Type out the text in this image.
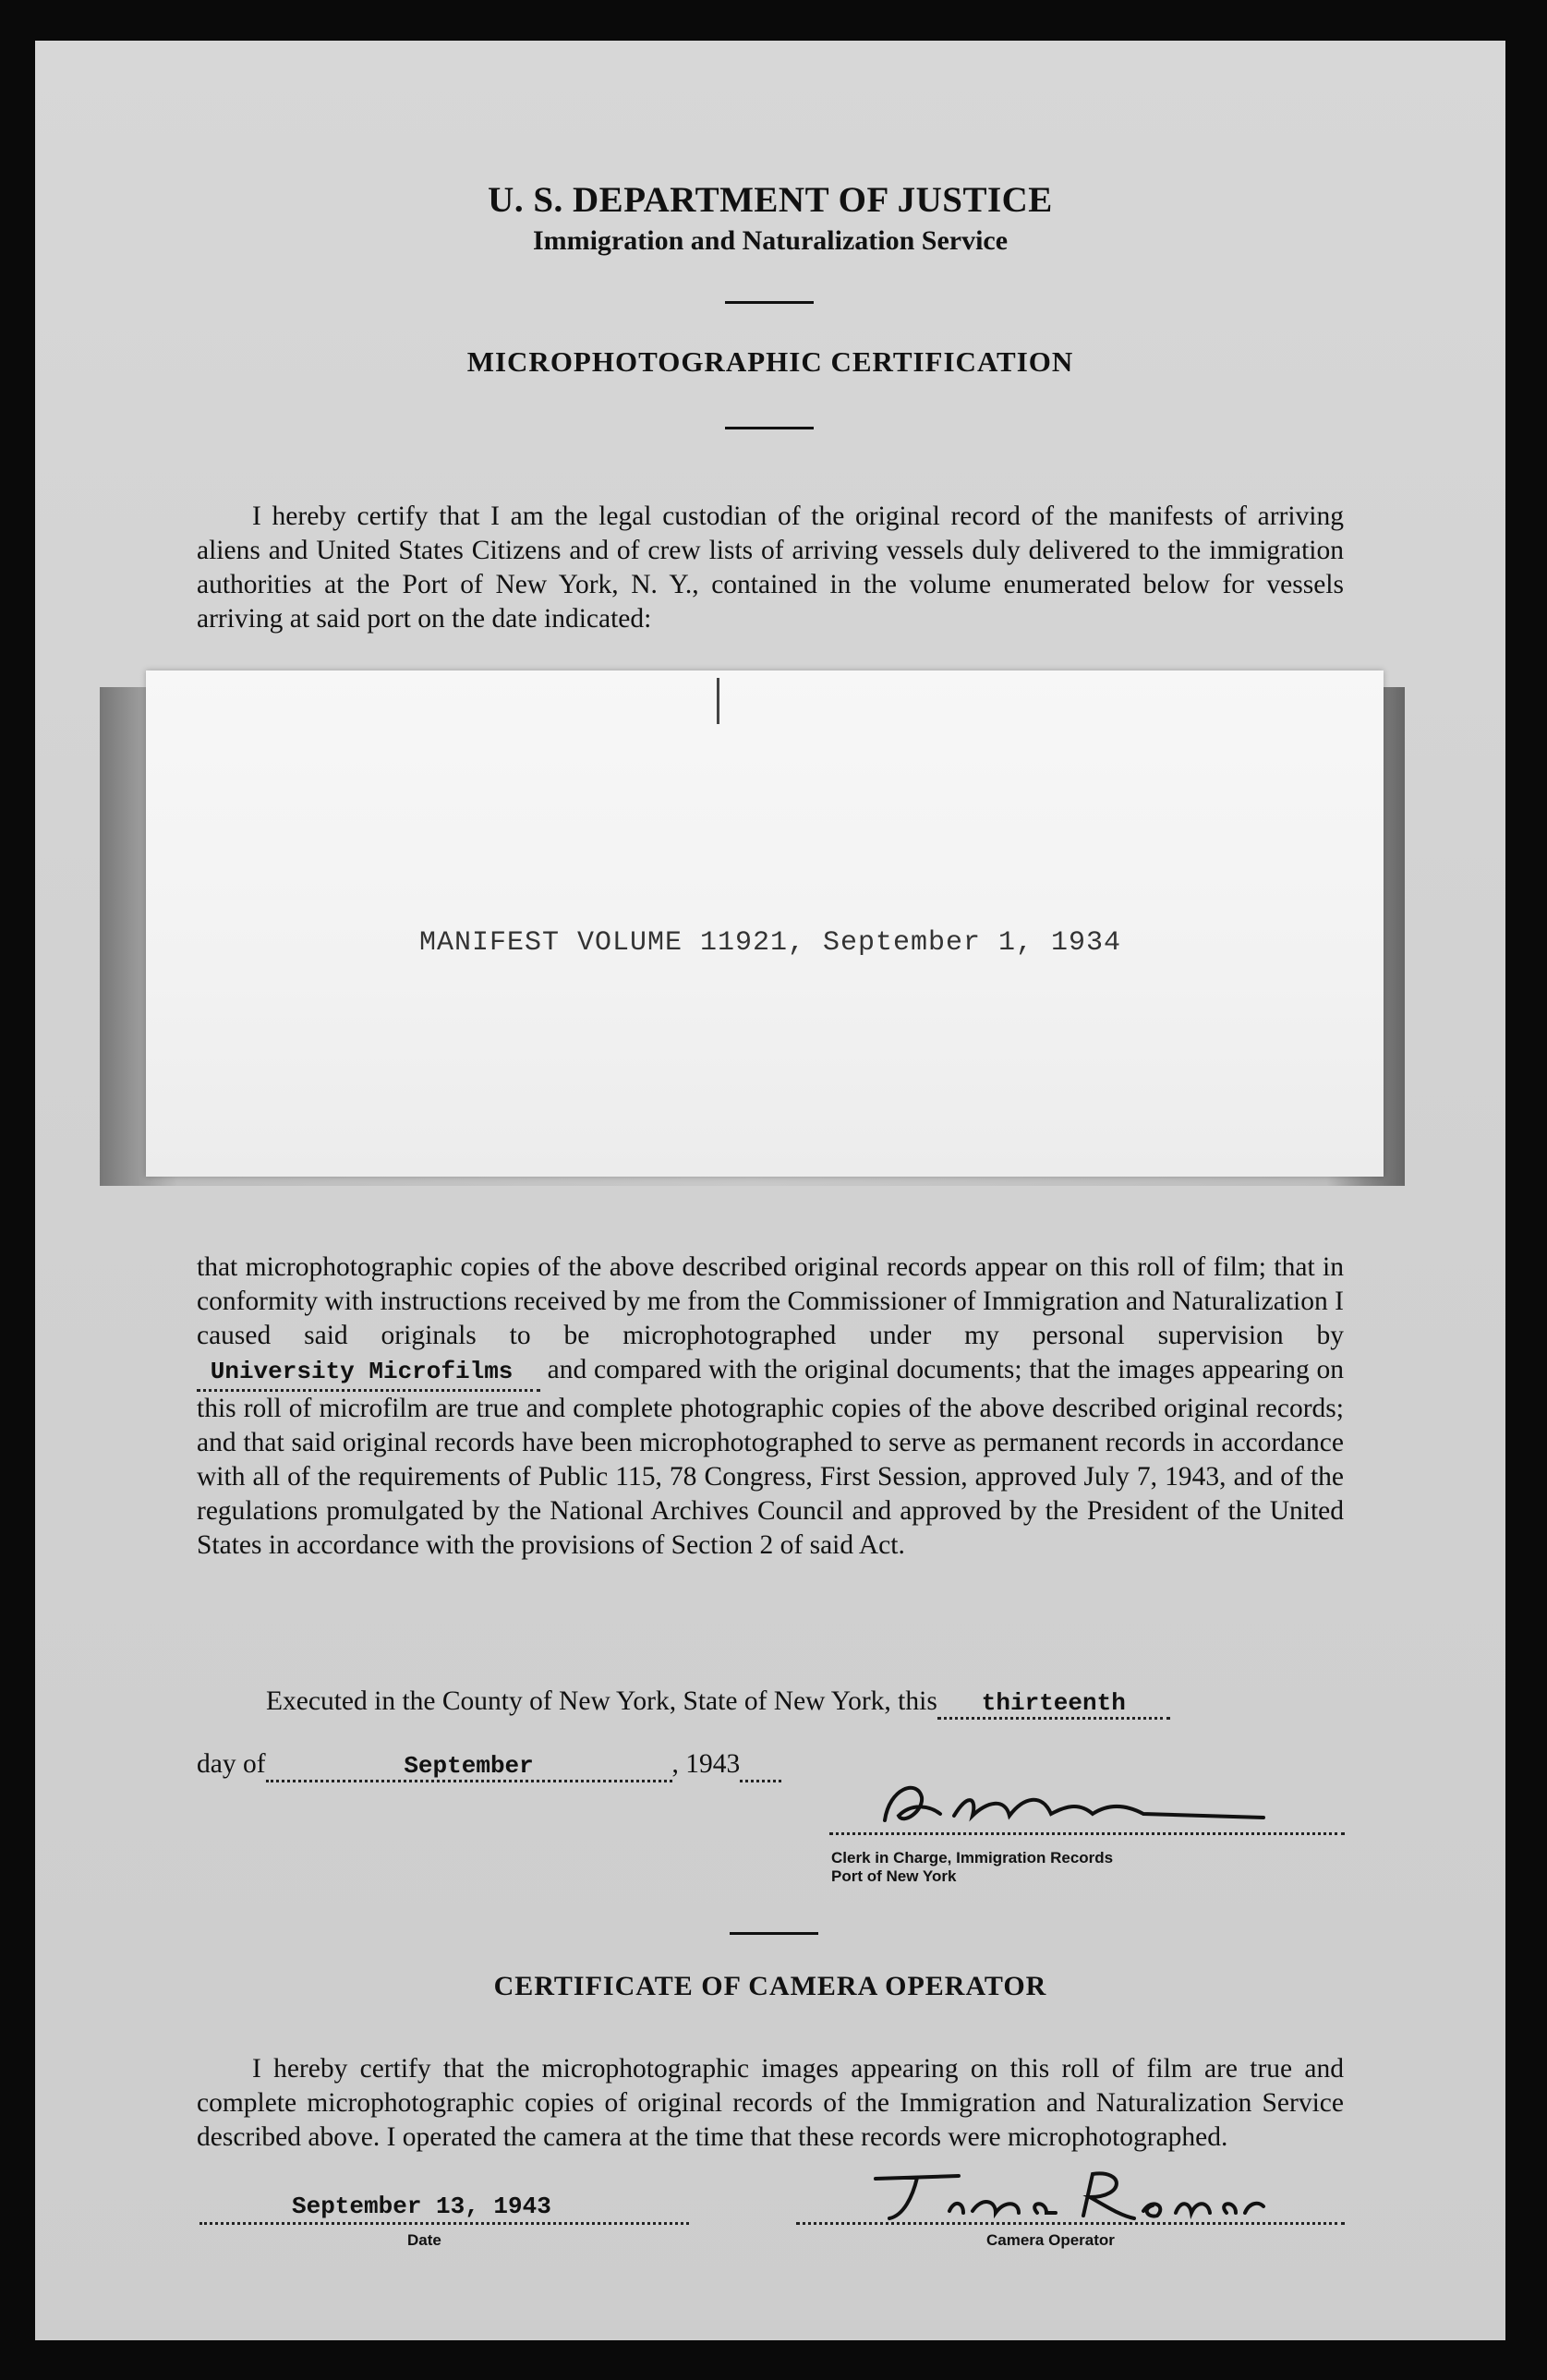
U. S. DEPARTMENT OF JUSTICE
Immigration and Naturalization Service
MICROPHOTOGRAPHIC CERTIFICATION

I hereby certify that I am the legal custodian of the original record of the manifests of arriving aliens and United States Citizens and of crew lists of arriving vessels duly delivered to the immigration authorities at the Port of New York, N. Y., contained in the volume enumerated below for vessels arriving at said port on the date indicated:

MANIFEST VOLUME 11921, September 1, 1934

that microphotographic copies of the above described original records appear on this roll of film; that in conformity with instructions received by me from the Commissioner of Immigration and Naturalization I caused said originals to be microphotographed under my personal supervision by   University Microfilms and compared with the original documents; that the images appearing on this roll of microfilm are true and complete photographic copies of the above described original records; and that said original records have been microphotographed to serve as permanent records in accordance with all of the requirements of Public 115, 78 Congress, First Session, approved July 7, 1943, and of the regulations promulgated by the National Archives Council and approved by the President of the United States in accordance with the provisions of Section 2 of said Act.

Executed in the County of New York, State of New York, this thirteenth
day of	September	, 1943
Clerk in Charge, Immigration Records
Port of New York
CERTIFICATE OF CAMERA OPERATOR

I hereby certify that the microphotographic images appearing on this roll of film are true and complete microphotographic copies of original records of the Immigration and Naturalization Service described above. I operated the camera at the time that these records were microphotographed.

September 13, 1943
Date	Camera Operator
